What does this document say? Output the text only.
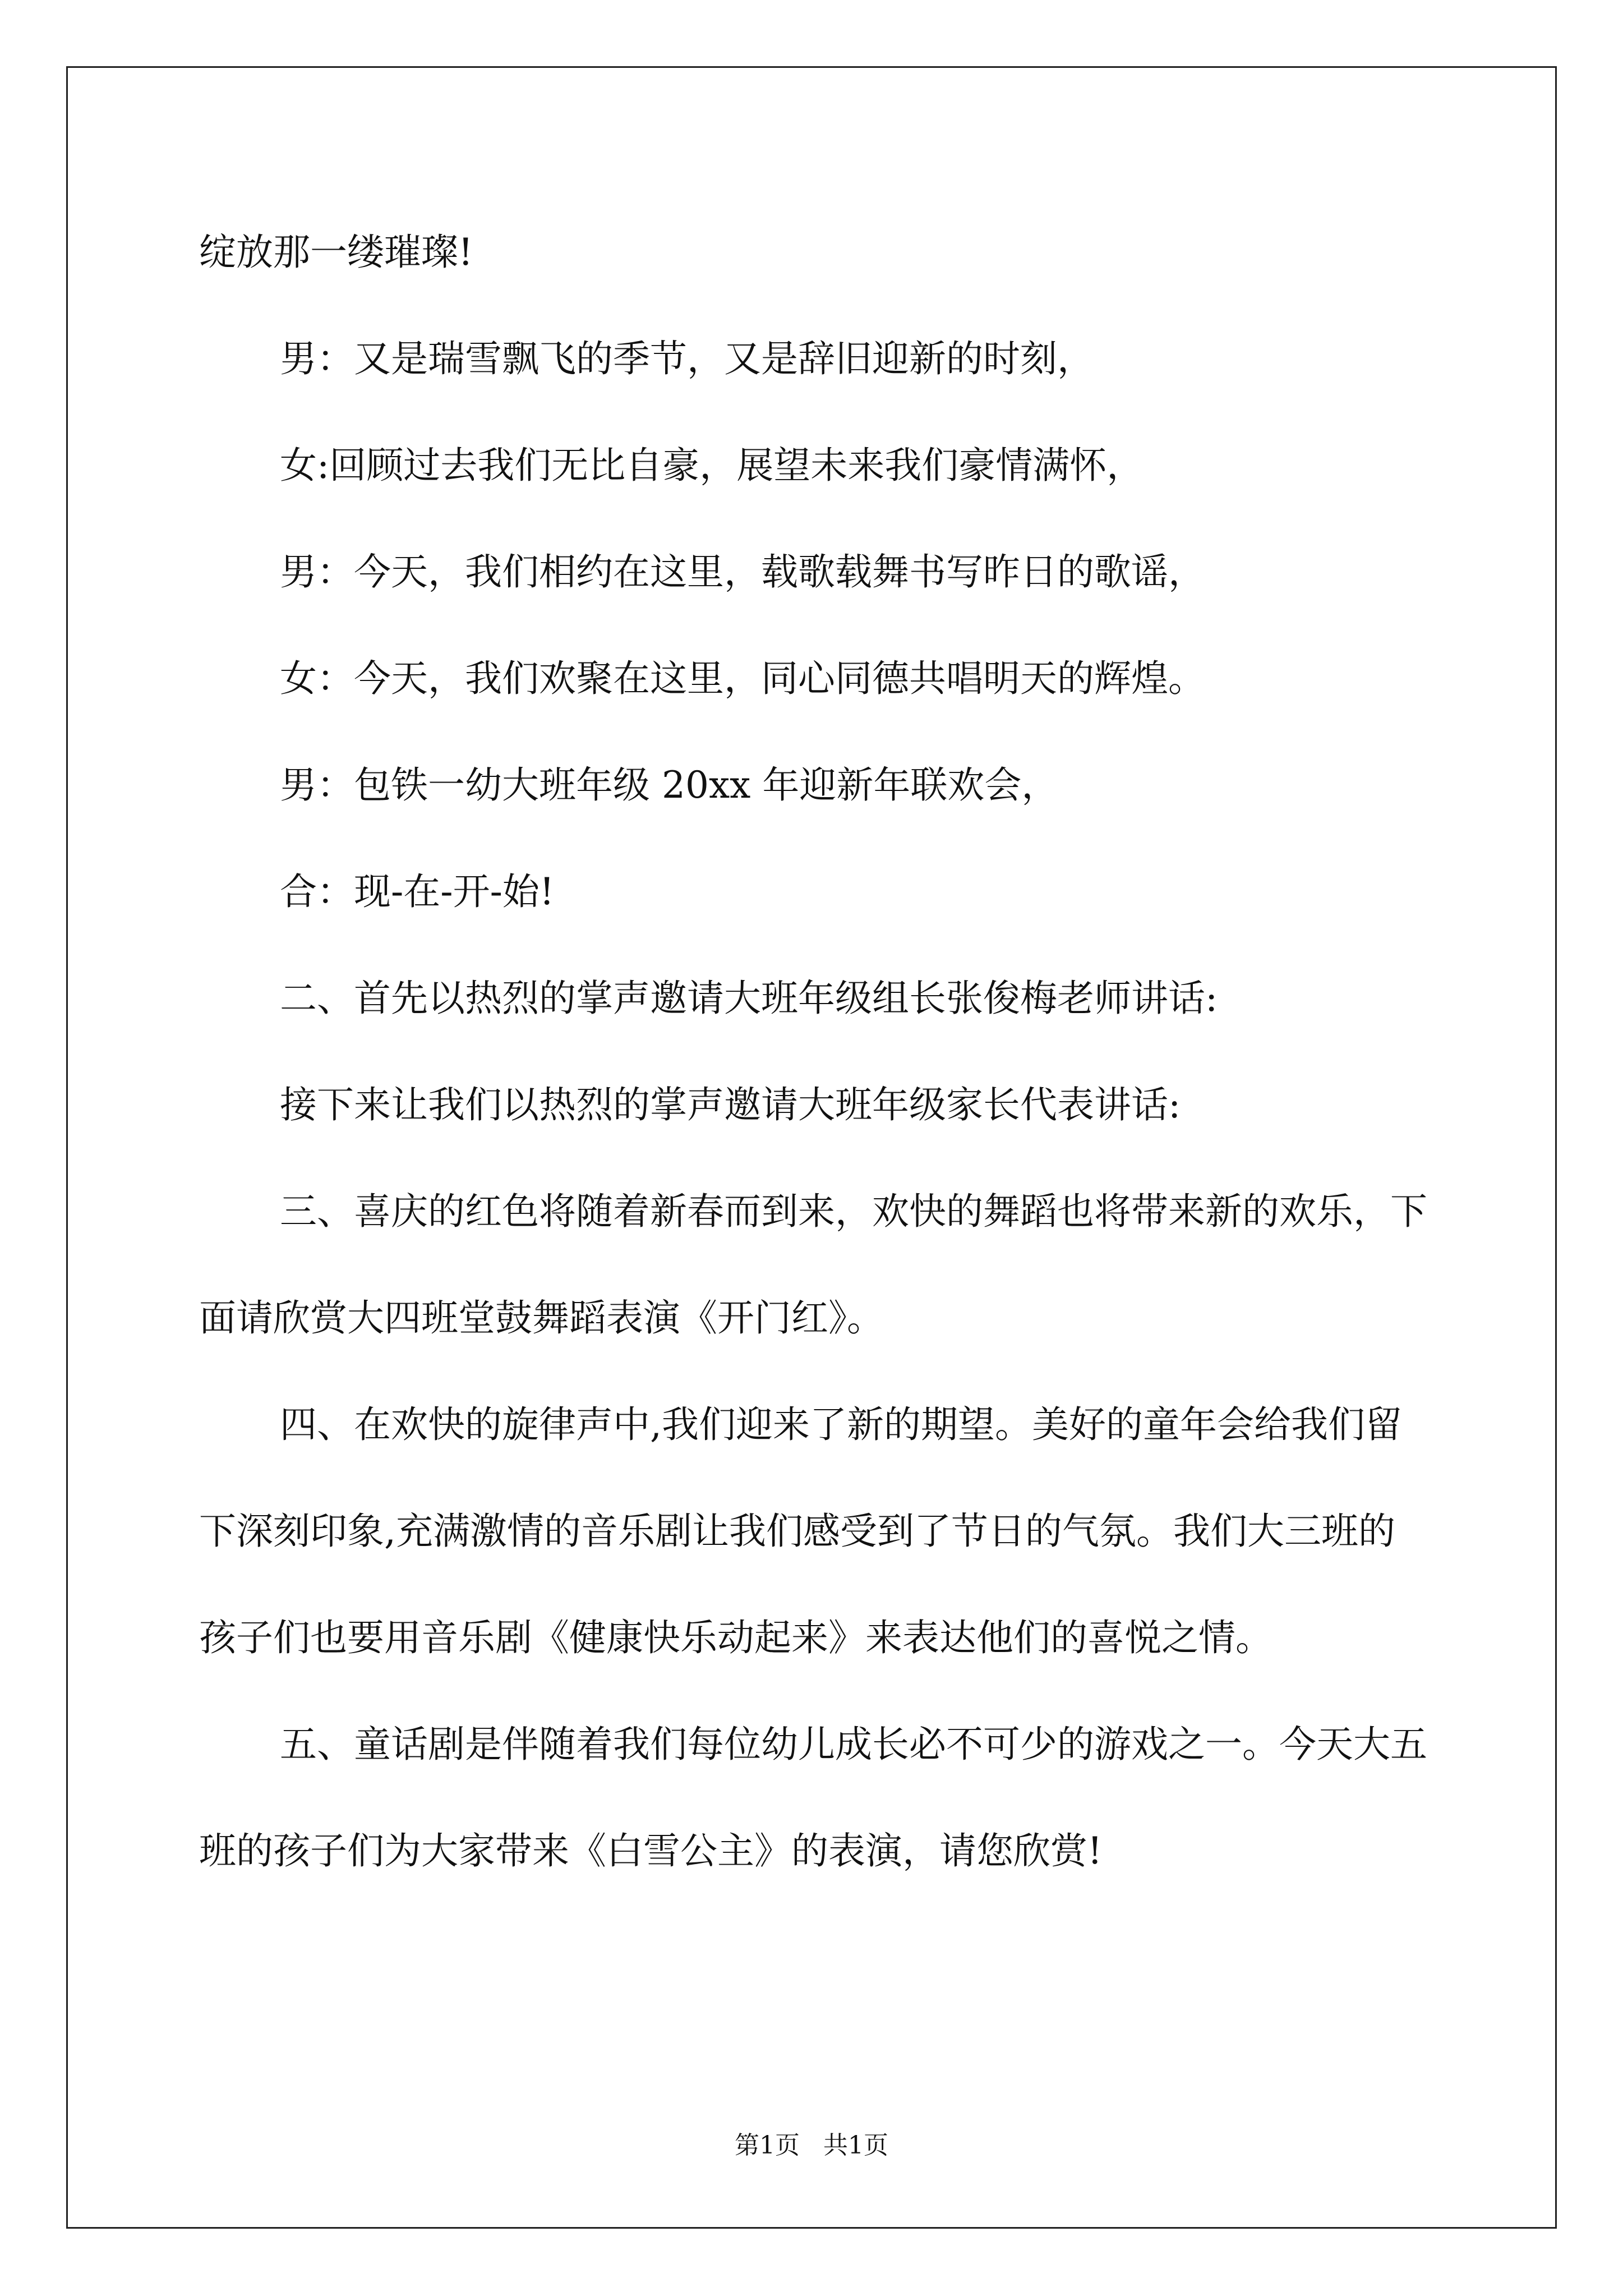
绽放那一缕璀璨!

男：又是瑞雪飘飞的季节，又是辞旧迎新的时刻，

女:回顾过去我们无比自豪，展望未来我们豪情满怀，

男：今天，我们相约在这里，载歌载舞书写昨日的歌谣，

女：今天，我们欢聚在这里，同心同德共唱明天的辉煌。

男：包铁一幼大班年级 20xx 年迎新年联欢会，

合：现-在-开-始!

二、首先以热烈的掌声邀请大班年级组长张俊梅老师讲话:

接下来让我们以热烈的掌声邀请大班年级家长代表讲话:

三、喜庆的红色将随着新春而到来，欢快的舞蹈也将带来新的欢乐，下面请欣赏大四班堂鼓舞蹈表演《开门红》。

四、在欢快的旋律声中,我们迎来了新的期望。美好的童年会给我们留下深刻印象,充满激情的音乐剧让我们感受到了节日的气氛。我们大三班的孩子们也要用音乐剧《健康快乐动起来》来表达他们的喜悦之情。

五、童话剧是伴随着我们每位幼儿成长必不可少的游戏之一。今天大五班的孩子们为大家带来《白雪公主》的表演，请您欣赏!

第1页 共1页
